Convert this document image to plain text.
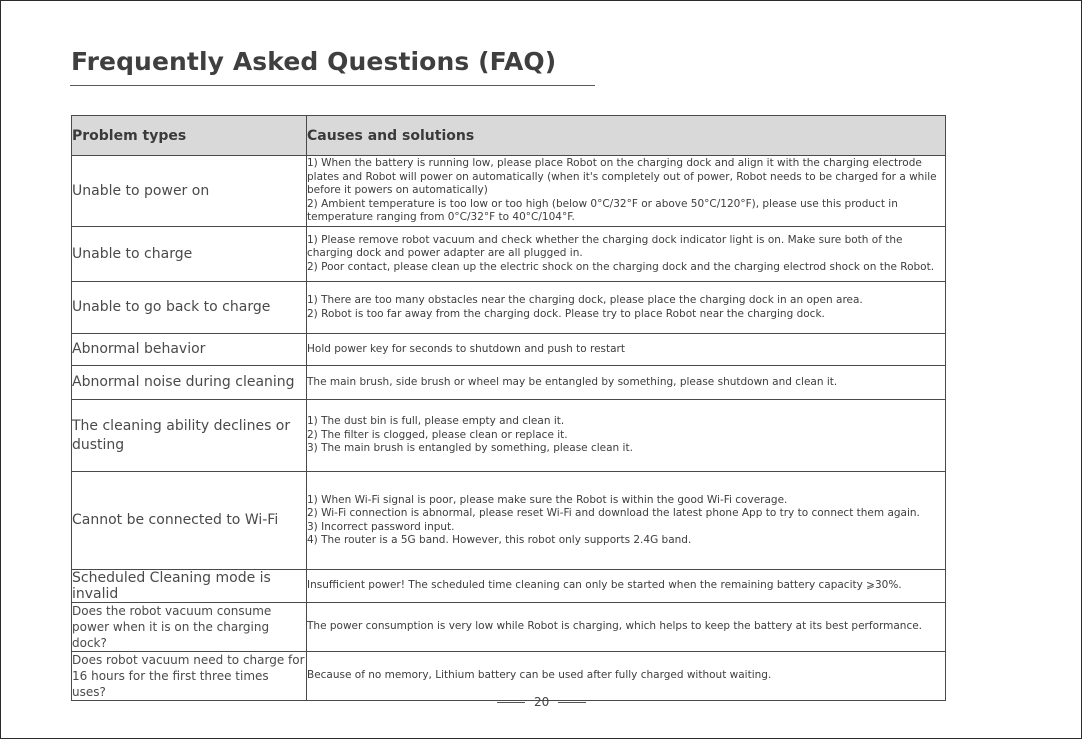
Frequently Asked Questions (FAQ)
Problem types	Causes and solutions
Unable to power on	1) When the battery is running low, please place Robot on the charging dock and align it with the charging electrode plates and Robot will power on automatically (when it's completely out of power, Robot needs to be charged for a while before it powers on automatically)
2) Ambient temperature is too low or too high (below 0°C/32°F or above 50°C/120°F), please use this product in temperature ranging from 0°C/32°F to 40°C/104°F.

Unable to charge	1) Please remove robot vacuum and check whether the charging dock indicator light is on. Make sure both of the charging dock and power adapter are all plugged in.
2) Poor contact, please clean up the electric shock on the charging dock and the charging electrod shock on the Robot.

Unable to go back to charge	1) There are too many obstacles near the charging dock, please place the charging dock in an open area.
2) Robot is too far away from the charging dock. Please try to place Robot near the charging dock.

Abnormal behavior	Hold power key for seconds to shutdown and push to restart

Abnormal noise during cleaning	The main brush, side brush or wheel may be entangled by something, please shutdown and clean it.

The cleaning ability declines or dusting	1) The dust bin is full, please empty and clean it.
2) The filter is clogged, please clean or replace it.
3) The main brush is entangled by something, please clean it.

Cannot be connected to Wi-Fi	1) When Wi-Fi signal is poor, please make sure the Robot is within the good Wi-Fi coverage.
2) Wi-Fi connection is abnormal, please reset Wi-Fi and download the latest phone App to try to connect them again.
3) Incorrect password input.
4) The router is a 5G band. However, this robot only supports 2.4G band.

Scheduled Cleaning mode is invalid	Insufficient power! The scheduled time cleaning can only be started when the remaining battery capacity ⩾30%.

Does the robot vacuum consume power when it is on the charging dock?	The power consumption is very low while Robot is charging, which helps to keep the battery at its best performance.

Does robot vacuum need to charge for 16 hours for the first three times uses?	Because of no memory, Lithium battery can be used after fully charged without waiting.
20
